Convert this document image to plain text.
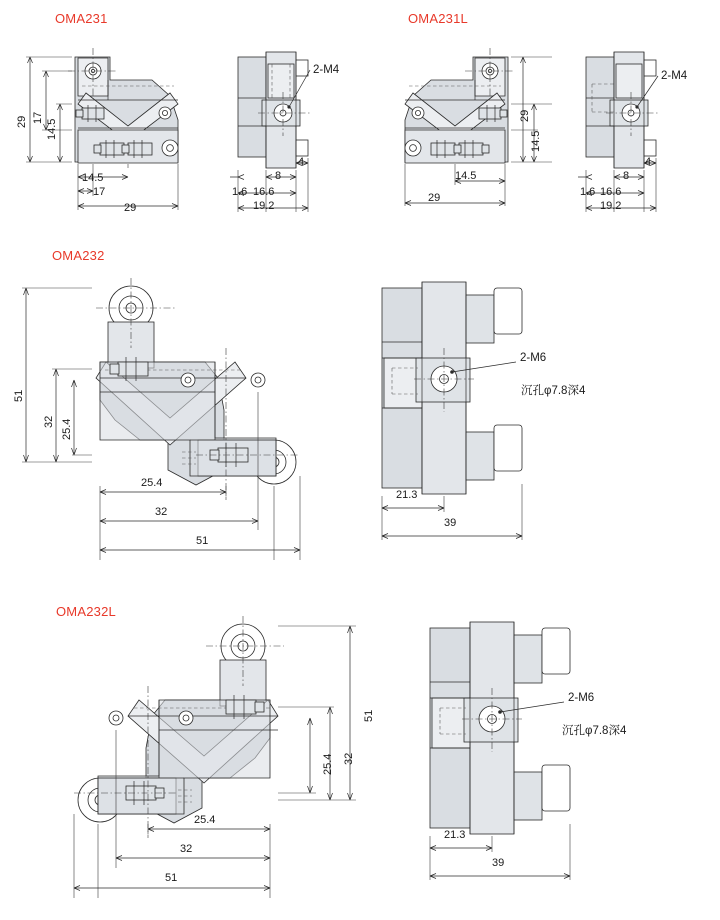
OMA231	OMA231L
OMA232
OMA232L
29 17
14.5
14.5
17
29
2-M4
1.6
4
8
16.6
19.2
29
14.5
14.5
29
2-M4
1.6
4
8
16.6
19.2
51
32 25.4
25.4
32
51
2-M6
沉孔φ7.8深4
21.3
39
51
32
25.4
25.4
32
51
2-M6
沉孔φ7.8深4
21.3
39
